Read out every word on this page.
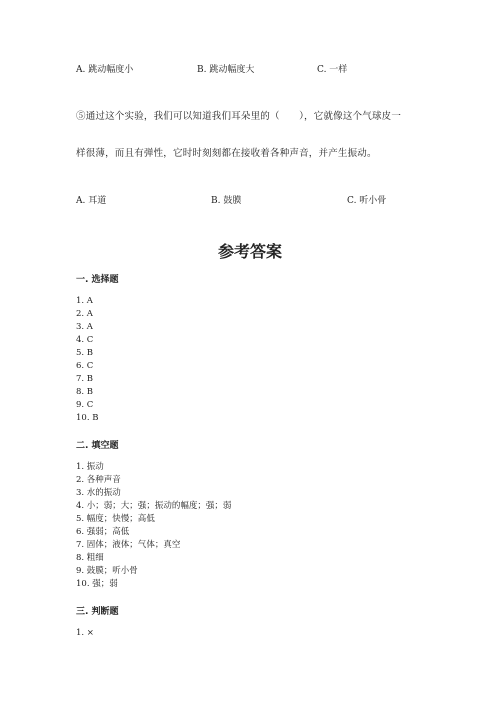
A. 跳动幅度小	B. 跳动幅度大	C. 一样
⑤通过这个实验，我们可以知道我们耳朵里的（　　），它就像这个气球皮一
样很薄，而且有弹性，它时时刻刻都在接收着各种声音，并产生振动。
A. 耳道	B. 鼓膜	C. 听小骨
参考答案
一. 选择题
1. A
2. A
3. A
4. C
5. B
6. C
7. B
8. B
9. C
10. B
二. 填空题
1. 振动
2. 各种声音
3. 水的振动
4. 小；弱；大；强；振动的幅度；强；弱
5. 幅度；快慢；高低
6. 强弱；高低
7. 固体；液体；气体；真空
8. 粗细
9. 鼓膜；听小骨
10. 强；弱
三. 判断题
1. ×
